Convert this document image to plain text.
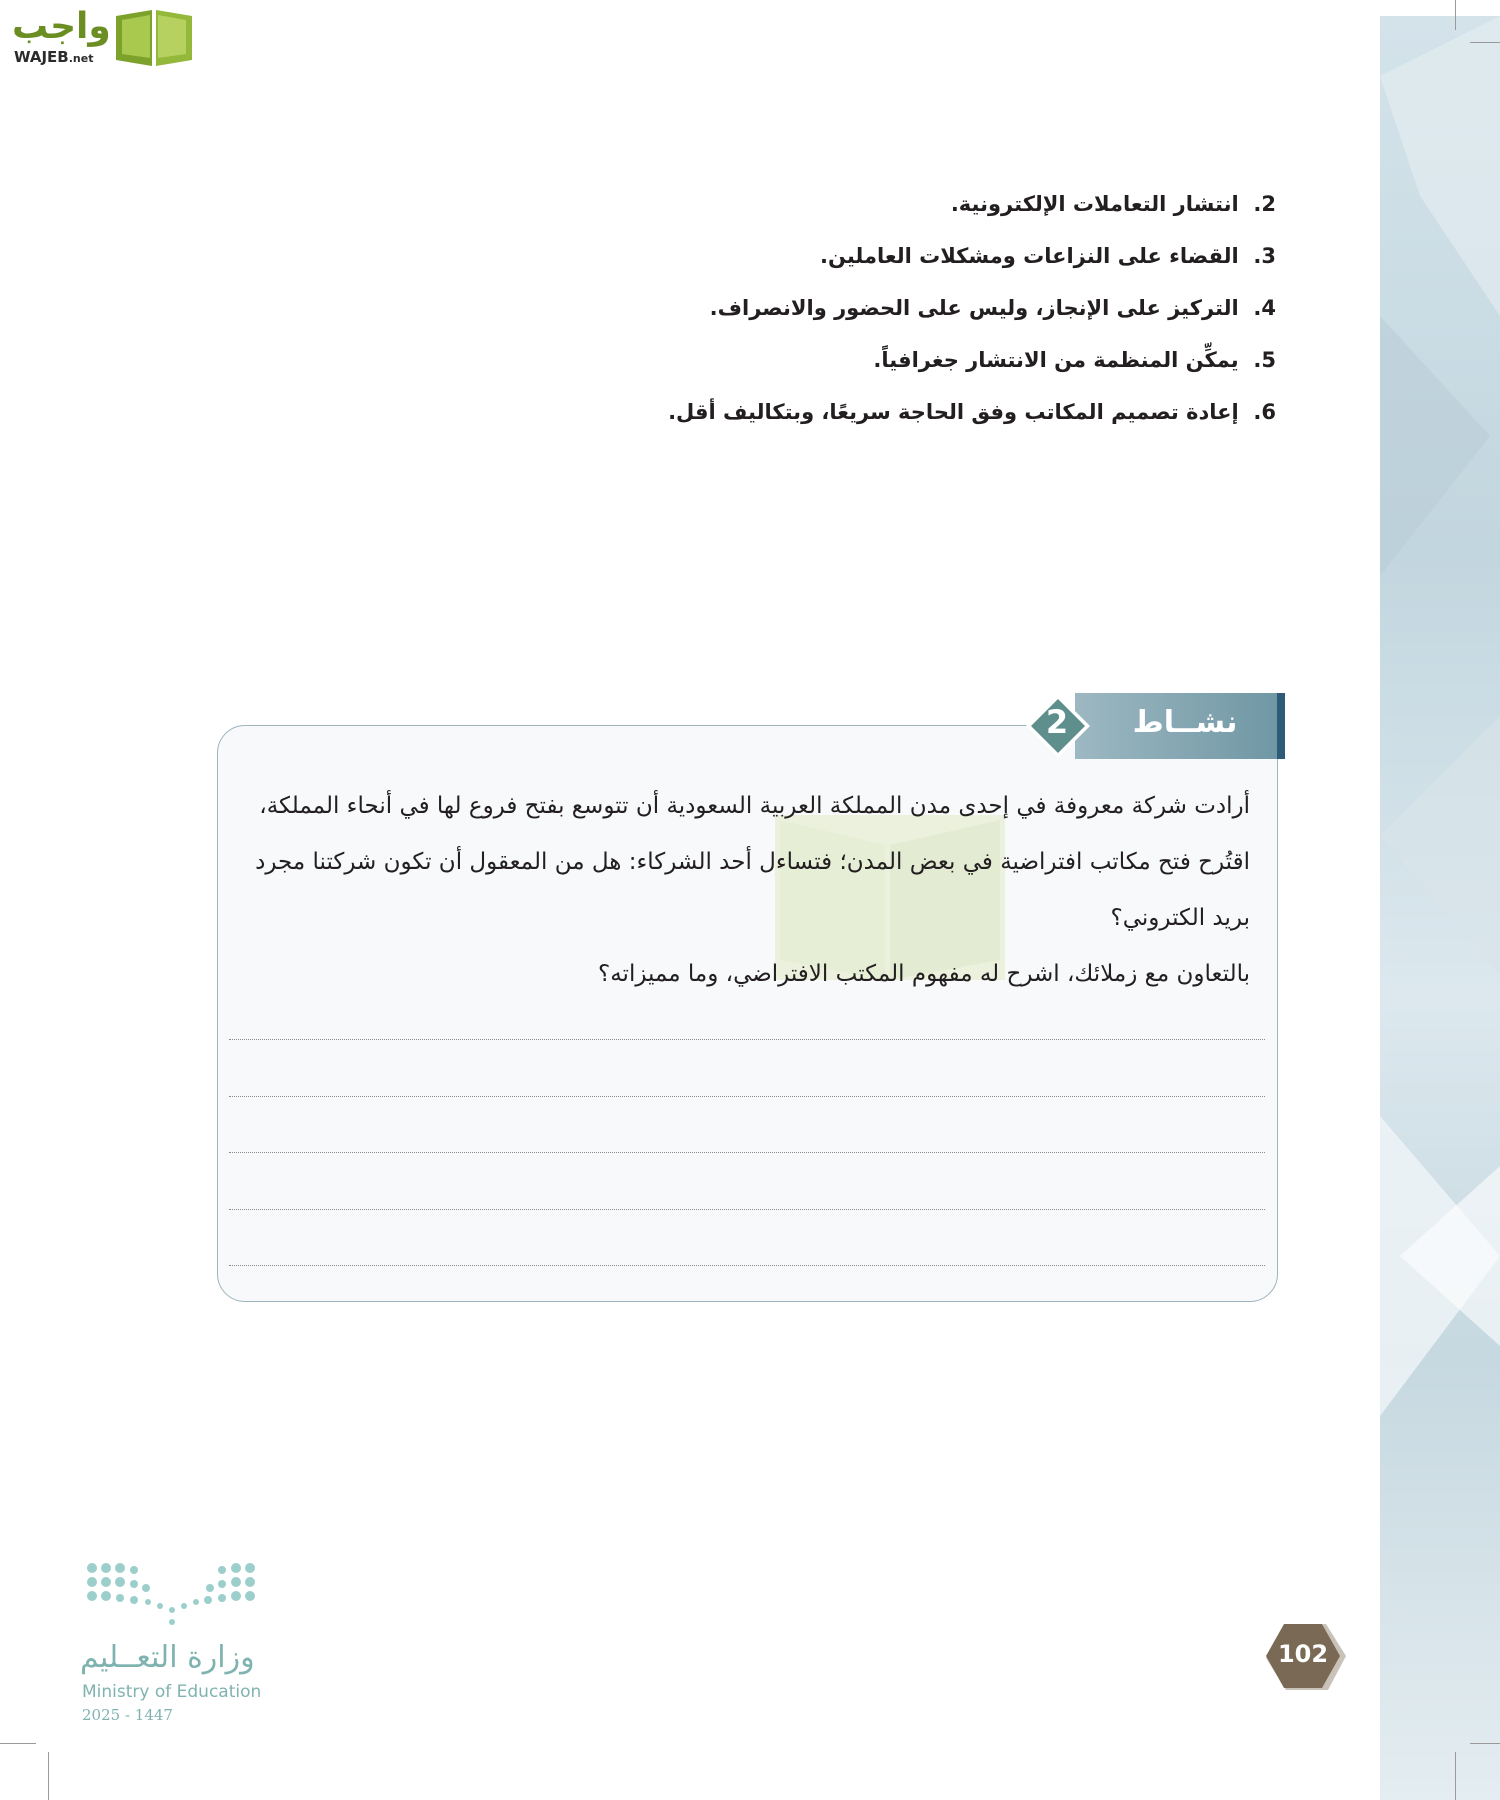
واجب
WAJEB.net
2. انتشار التعاملات الإلكترونية.
3. القضاء على النزاعات ومشكلات العاملين.
4. التركيز على الإنجاز، وليس على الحضور والانصراف.
5. يمكِّن المنظمة من الانتشار جغرافياً.
6. إعادة تصميم المكاتب وفق الحاجة سريعًا، وبتكاليف أقل.
نشــاط
2

أرادت شركة معروفة في إحدى مدن المملكة العربية السعودية أن تتوسع بفتح فروع لها في أنحاء المملكة،

اقتُرح فتح مكاتب افتراضية في بعض المدن؛ فتساءل أحد الشركاء: هل من المعقول أن تكون شركتنا مجرد

بريد الكتروني؟

بالتعاون مع زملائك، اشرح له مفهوم المكتب الافتراضي، وما مميزاته؟

وزارة التعــليم
Ministry of Education
2025 - 1447
102
